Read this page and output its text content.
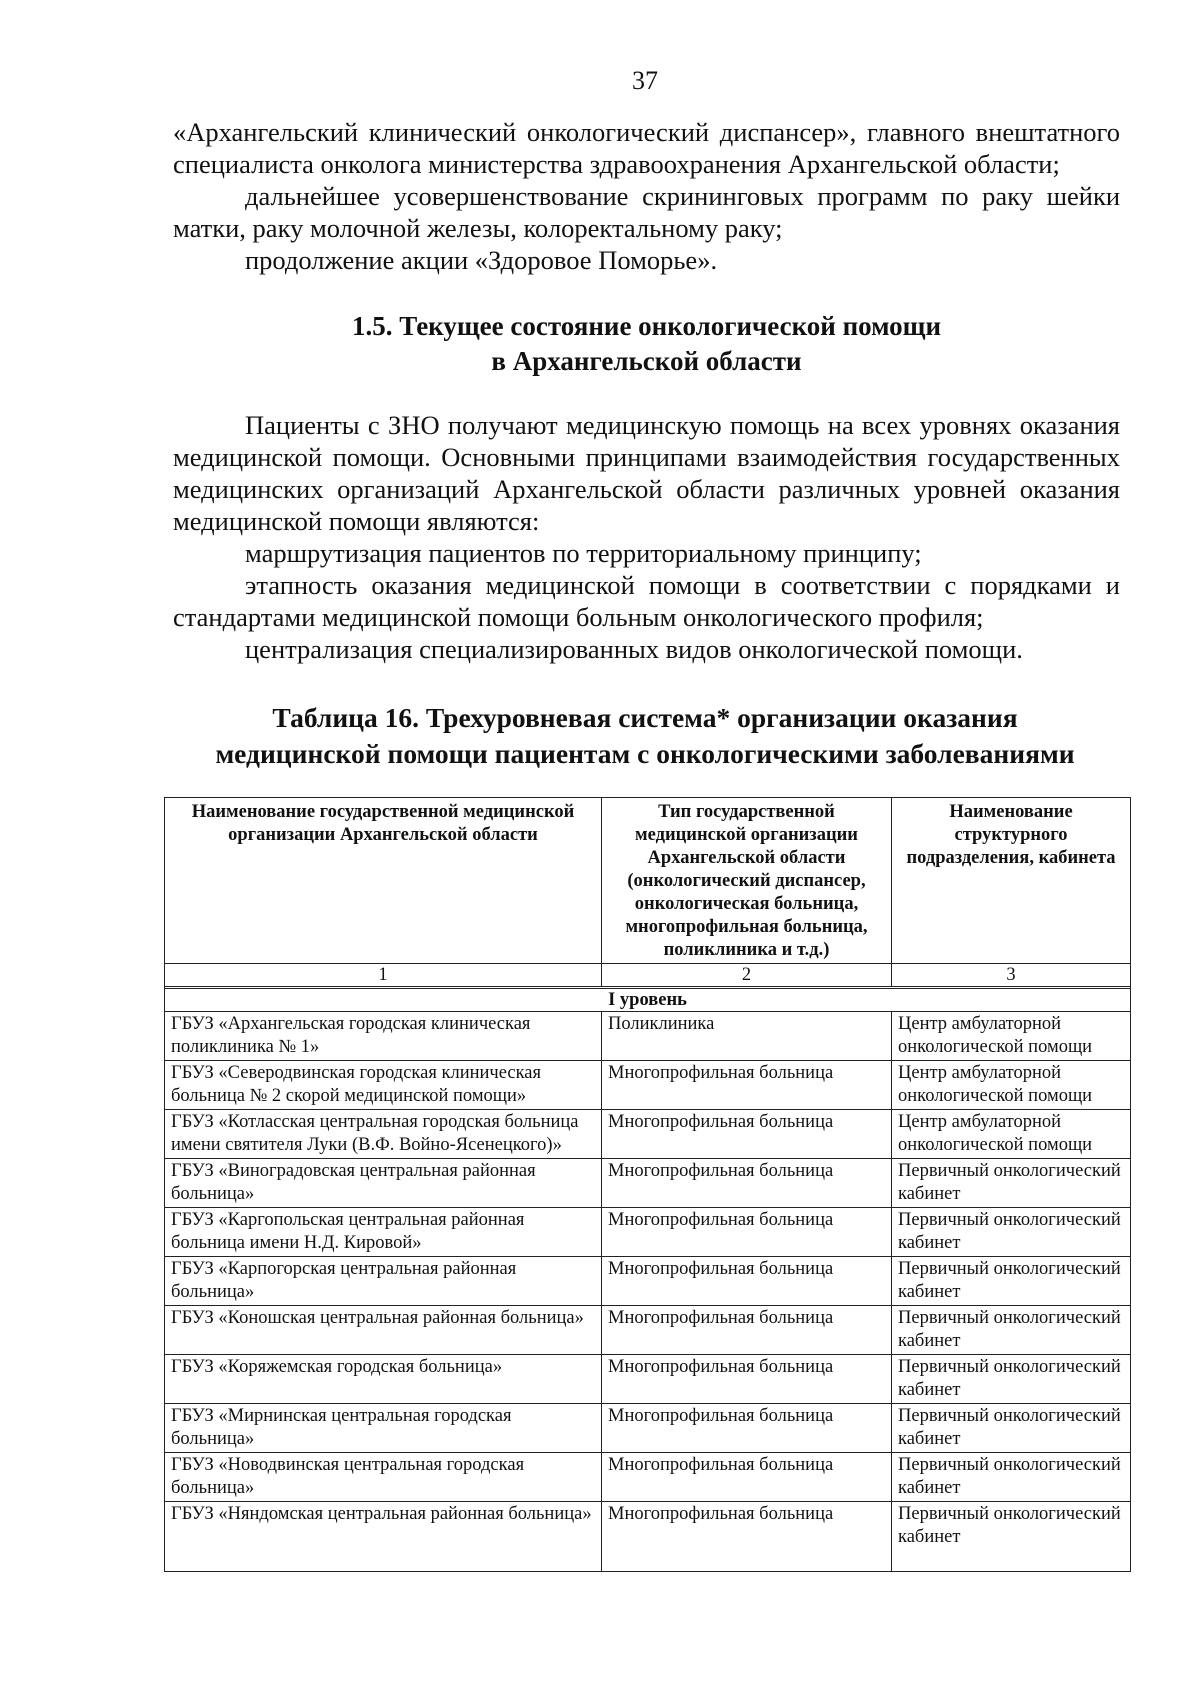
37

«Архангельский клинический онкологический диспансер», главного внештатного специалиста онколога министерства здравоохранения Архангельской области;

дальнейшее усовершенствование скрининговых программ по раку шейки матки, раку молочной железы, колоректальному раку;

продолжение акции «Здоровое Поморье».

1.5. Текущее состояние онкологической помощи
в Архангельской области

Пациенты с ЗНО получают медицинскую помощь на всех уровнях оказания медицинской помощи. Основными принципами взаимодействия государственных медицинских организаций Архангельской области различных уровней оказания медицинской помощи являются:

маршрутизация пациентов по территориальному принципу;

этапность оказания медицинской помощи в соответствии с порядками и стандартами медицинской помощи больным онкологического профиля;

централизация специализированных видов онкологической помощи.

Таблица 16. Трехуровневая система* организации оказания
медицинской помощи пациентам с онкологическими заболеваниями
Наименование государственной медицинской организации Архангельской области	Тип государственной медицинской организации Архангельской области (онкологический диспансер, онкологическая больница, многопрофильная больница, поликлиника и т.д.)	Наименование структурного подразделения, кабинета
1	2	3

I уровень		
ГБУЗ «Архангельская городская клиническая поликлиника № 1»	Поликлиника	Центр амбулаторной онкологической помощи
ГБУЗ «Северодвинская городская клиническая больница № 2 скорой медицинской помощи»	Многопрофильная больница	Центр амбулаторной онкологической помощи
ГБУЗ «Котласская центральная городская больница имени святителя Луки (В.Ф. Войно-Ясенецкого)»	Многопрофильная больница	Центр амбулаторной онкологической помощи
ГБУЗ «Виноградовская центральная районная больница»	Многопрофильная больница	Первичный онкологический кабинет
ГБУЗ «Каргопольская центральная районная больница имени Н.Д. Кировой»	Многопрофильная больница	Первичный онкологический кабинет
ГБУЗ «Карпогорская центральная районная больница»	Многопрофильная больница	Первичный онкологический кабинет
ГБУЗ «Коношская центральная районная больница»	Многопрофильная больница	Первичный онкологический кабинет
ГБУЗ «Коряжемская городская больница»	Многопрофильная больница	Первичный онкологический кабинет
ГБУЗ «Мирнинская центральная городская больница»	Многопрофильная больница	Первичный онкологический кабинет
ГБУЗ «Новодвинская центральная городская больница»	Многопрофильная больница	Первичный онкологический кабинет
ГБУЗ «Няндомская центральная районная больница»	Многопрофильная больница	Первичный онкологический кабинет
